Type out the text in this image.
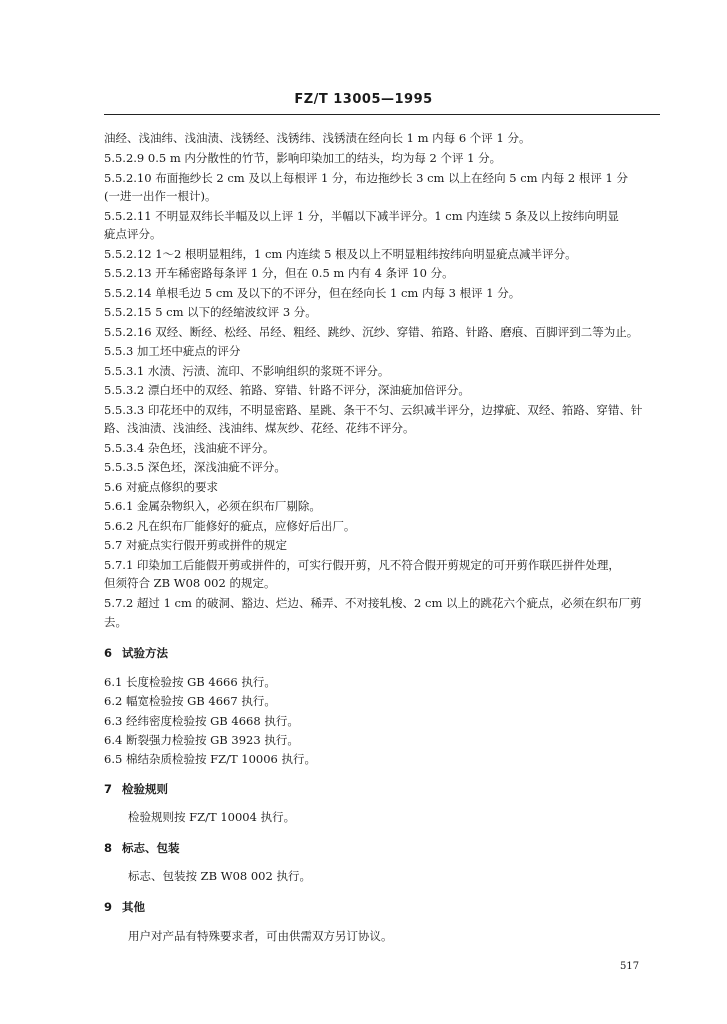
FZ/T 13005—1995
油经、浅油纬、浅油渍、浅锈经、浅锈纬、浅锈渍在经向长 1 m 内每 6 个评 1 分。
5.5.2.9 0.5 m 内分散性的竹节，影响印染加工的结头，均为每 2 个评 1 分。
5.5.2.10 布面拖纱长 2 cm 及以上每根评 1 分，布边拖纱长 3 cm 以上在经向 5 cm 内每 2 根评 1 分
(一进一出作一根计)。
5.5.2.11 不明显双纬长半幅及以上评 1 分，半幅以下减半评分。1 cm 内连续 5 条及以上按纬向明显
疵点评分。
5.5.2.12 1～2 根明显粗纬，1 cm 内连续 5 根及以上不明显粗纬按纬向明显疵点减半评分。
5.5.2.13 开车稀密路每条评 1 分，但在 0.5 m 内有 4 条评 10 分。
5.5.2.14 单根毛边 5 cm 及以下的不评分，但在经向长 1 cm 内每 3 根评 1 分。
5.5.2.15 5 cm 以下的经缩波纹评 3 分。
5.5.2.16 双经、断经、松经、吊经、粗经、跳纱、沉纱、穿错、筘路、针路、磨痕、百脚评到二等为止。
5.5.3 加工坯中疵点的评分
5.5.3.1 水渍、污渍、流印、不影响组织的浆斑不评分。
5.5.3.2 漂白坯中的双经、筘路、穿错、针路不评分，深油疵加倍评分。
5.5.3.3 印花坯中的双纬，不明显密路、星跳、条干不匀、云织减半评分，边撑疵、双经、筘路、穿错、针
路、浅油渍、浅油经、浅油纬、煤灰纱、花经、花纬不评分。
5.5.3.4 杂色坯，浅油疵不评分。
5.5.3.5 深色坯，深浅油疵不评分。
5.6 对疵点修织的要求
5.6.1 金属杂物织入，必须在织布厂剔除。
5.6.2 凡在织布厂能修好的疵点，应修好后出厂。
5.7 对疵点实行假开剪或拼件的规定
5.7.1 印染加工后能假开剪或拼件的，可实行假开剪，凡不符合假开剪规定的可开剪作联匹拼件处理，
但须符合 ZB W08 002 的规定。
5.7.2 超过 1 cm 的破洞、豁边、烂边、稀弄、不对接轧梭、2 cm 以上的跳花六个疵点，必须在织布厂剪
去。
6 试验方法
6.1 长度检验按 GB 4666 执行。
6.2 幅宽检验按 GB 4667 执行。
6.3 经纬密度检验按 GB 4668 执行。
6.4 断裂强力检验按 GB 3923 执行。
6.5 棉结杂质检验按 FZ/T 10006 执行。
7 检验规则
检验规则按 FZ/T 10004 执行。
8 标志、包装
标志、包装按 ZB W08 002 执行。
9 其他
用户对产品有特殊要求者，可由供需双方另订协议。
517
